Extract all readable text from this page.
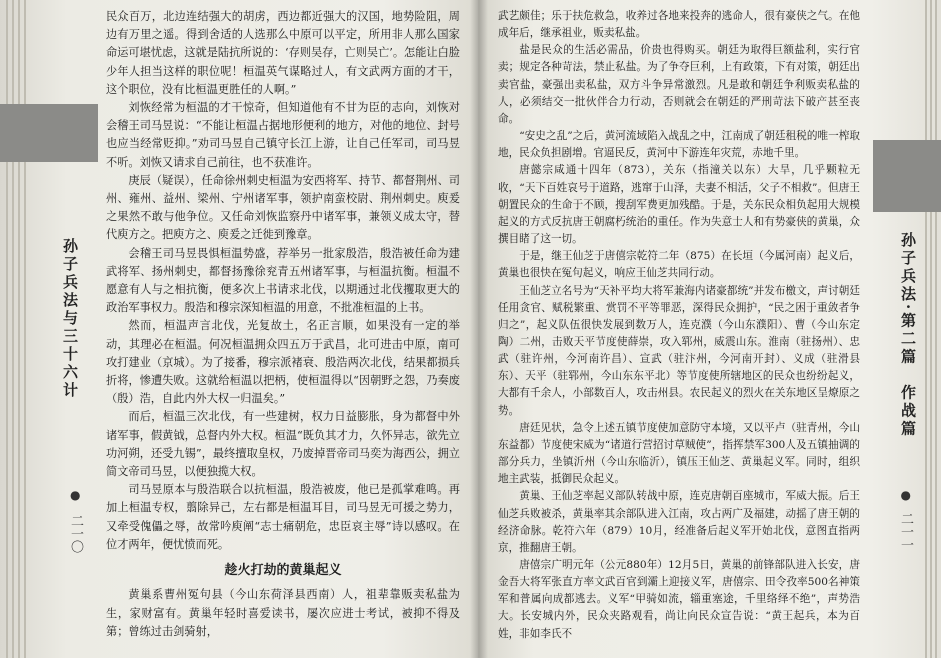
孙子兵法与三十六计
●
二一〇

民众百万，北边连结强大的胡虏，西边都近强大的汉国，地势险阻，周边有万里之遥。得到舍适的人选那么中原可以平定，所用非人那么国家命运可堪忧虑，这就是陆抗所说的：‘存则吴存，亡则吴亡’。怎能让白脸少年人担当这样的职位呢！桓温英气谋略过人，有文武两方面的才干，这个职位，没有比桓温更胜任的人啊。”

刘恢经常为桓温的才干惊奇，但知道他有不甘为臣的志向，刘恢对会稽王司马昱说：“不能让桓温占据地形便利的地方，对他的地位、封号也应当经常贬抑。”劝司马昱自己镇守长江上游，让自己任军司，司马昱不听。刘恢又请求自己前往，也不获准许。

庚辰（疑误），任命徐州刺史桓温为安西将军、持节、都督荆州、司州、雍州、益州、梁州、宁州诸军事，领护南蛮校尉、荆州刺史。庾爰之果然不敢与他争位。又任命刘恢监察丹中诸军事，兼领义成太守，替代庾方之。把庾方之、庾爰之迁徙到豫章。

会稽王司马昱畏惧桓温势盛，荐举另一批家殷浩，殷浩被任命为建武将军、扬州刺史，都督扬豫徐兖青五州诸军事，与桓温抗衡。桓温不愿意有人与之相抗衡，便多次上书请求北伐，以期通过北伐攫取更大的政治军事权力。殷浩和穆宗深知桓温的用意，不批准桓温的上书。

然而，桓温声言北伐，光复故土，名正言顺，如果没有一定的举动，其理必在桓温。何况桓温拥众四五万于武昌，北可进击中原，南可攻打建业（京城）。为了接番，穆宗派褚衰、殷浩两次北伐，结果都损兵折将，惨遭失败。这就给桓温以把柄，使桓温得以“因朝野之怨，乃奏废（殷）浩，自此内外大权一归温矣。”

而后，桓温三次北伐，有一些建树，权力日益膨胀，身为都督中外诸军事，假黄钺，总督内外大权。桓温“既负其才力，久怀异志，欲先立功河朔，还受九锡”，最终擅取皇权，乃废掉晋帝司马奕为海西公，拥立简文帝司马昱，以便独揽大权。

司马昱原本与殷浩联合以抗桓温，殷浩被废，他已是孤掌难鸣。再加上桓温专权，翦除异己，左右都是桓温耳目，司马昱无可援之势力，又牵受傀儡之辱，故常吟庾阐“志士痛朝危，忠臣哀主辱”诗以感叹。在位才两年，便忧愤而死。

趁火打劫的黄巢起义

黄巢系曹州冤句县（今山东荷泽县西南）人，祖辈靠贩卖私盐为生，家财富有。黄巢年轻时喜爱读书，屡次应进士考试，被抑不得及第；曾练过击剑骑射，

孙子兵法·第二篇　作战篇
●
二一一

武艺颇佳；乐于扶危救急，收养过各地来投奔的逃命人，很有豪侠之气。在他成年后，继承祖业，贩卖私盐。

盐是民众的生活必需品，价贵也得购买。朝廷为取得巨额盐利，实行官卖；规定各种苛法，禁止私盐。为了争夺巨利，上有政策，下有对策，朝廷出卖官盐，豪强出卖私盐，双方斗争异常激烈。凡是敢和朝廷争利贩卖私盐的人，必须结交一批伙伴合力行动，否则就会在朝廷的严刑苛法下破产甚至丧命。

“安史之乱”之后，黄河流域陷入战乱之中，江南成了朝廷租税的唯一榨取地，民众负担剧增。官逼民反，黄河中下游连年灾荒，赤地千里。

唐懿宗咸通十四年（873），关东（指潼关以东）大旱，几乎颗粒无收，“天下百姓哀号于道路，逃窜于山泽，夫妻不相活，父子不相救”。但唐王朝置民众的生命于不顾，搜刮军费更加残酷。于是，关东民众相负起用大规模起义的方式反抗唐王朝腐朽统治的重任。作为失意士人和有势豪侠的黄巢，众撰目睹了这一切。

于是，继王仙芝于唐僖宗乾符二年（875）在长垣（今属河南）起义后，黄巢也很快在冤句起义，响应王仙芝共同行动。

王仙芝立名号为“天补平均大将军兼海内诸豪都统”并发布檄文，声讨朝廷任用贪官、赋税繁重、赏罚不平等罪恶，深得民众拥护，“民之困于重敛者争归之”，起义队伍很快发展到数万人，连克濮（今山东濮阳）、曹（今山东定陶）二州，击败天平节度使薛崇，攻入郓州，威震山东。淮南（驻扬州）、忠武（驻许州，今河南许昌）、宣武（驻汴州，今河南开封）、义成（驻滑县东）、天平（驻郓州，今山东东平北）等节度使所辖地区的民众也纷纷起义，大都有千余人，小部数百人，攻击州县。农民起义的烈火在关东地区呈燎原之势。

唐廷见状，急令上述五镇节度使加意防守本境，又以平卢（驻青州，今山东益都）节度使宋威为“诸道行营招讨草贼使”，指挥禁军300人及五镇抽调的部分兵力，坐镇沂州（今山东临沂），镇压王仙芝、黄巢起义军。同时，组织地主武装，抵御民众起义。

黄巢、王仙芝率起义部队转战中原，连克唐朝百座城市，军威大振。后王仙芝兵败被杀，黄巢率其余部队进入江南，攻占两广及福建，动摇了唐王朝的经济命脉。乾符六年（879）10月，经准备后起义军开始北伐，意图直指两京，推翻唐王朝。

唐僖宗广明元年（公元880年）12月5日，黄巢的前锋部队进入长安，唐金吾大将军张直方率文武百官到灞上迎接义军，唐僖宗、田令孜率500名神策军和普属向成都逃去。义军“甲骑如流，辎重塞途，千里络绎不绝”，声势浩大。长安城内外，民众夹路观看，尚让向民众宣告说：“黄王起兵，本为百姓，非如李氏不
